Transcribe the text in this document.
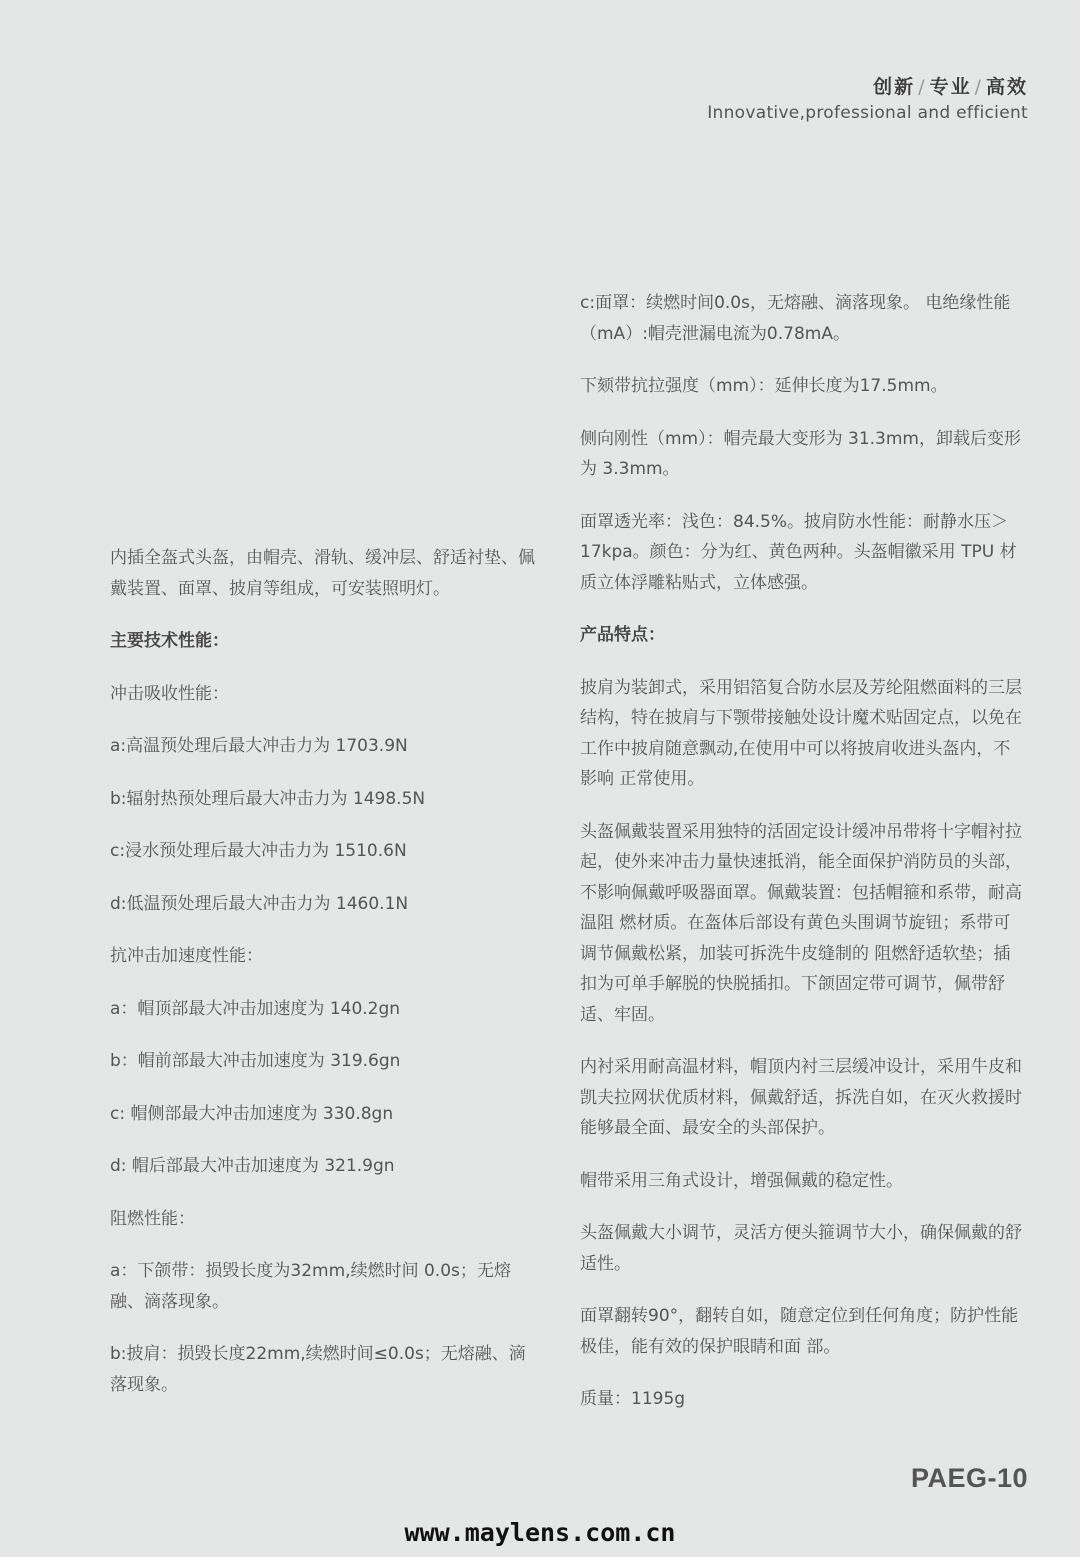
创新 / 专业 / 高效
Innovative,professional and efficient

内插全盔式头盔，由帽壳、滑轨、缓冲层、舒适衬垫、佩戴装置、面罩、披肩等组成，可安装照明灯。

主要技术性能：

冲击吸收性能：

a:高温预处理后最大冲击力为 1703.9N

b:辐射热预处理后最大冲击力为 1498.5N

c:浸水预处理后最大冲击力为 1510.6N

d:低温预处理后最大冲击力为 1460.1N

抗冲击加速度性能：

a：帽顶部最大冲击加速度为 140.2gn

b：帽前部最大冲击加速度为 319.6gn

c: 帽侧部最大冲击加速度为 330.8gn

d: 帽后部最大冲击加速度为 321.9gn

阻燃性能：

a：下颌带：损毁长度为32mm,续燃时间 0.0s；无熔融、滴落现象。

b:披肩：损毁长度22mm,续燃时间≤0.0s；无熔融、滴落现象。

c:面罩：续燃时间0.0s，无熔融、滴落现象。 电绝缘性能（mA）:帽壳泄漏电流为0.78mA。

下颏带抗拉强度（mm）：延伸长度为17.5mm。

侧向刚性（mm）：帽壳最大变形为 31.3mm，卸载后变形为 3.3mm。

面罩透光率：浅色：84.5%。披肩防水性能：耐静水压＞17kpa。颜色：分为红、黄色两种。头盔帽徽采用 TPU 材质立体浮雕粘贴式，立体感强。

产品特点：

披肩为装卸式，采用铝箔复合防水层及芳纶阻燃面料的三层结构，特在披肩与下颚带接触处设计魔术贴固定点，以免在工作中披肩随意飘动,在使用中可以将披肩收进头盔内，不影响 正常使用。

头盔佩戴装置采用独特的活固定设计缓冲吊带将十字帽衬拉起，使外来冲击力量快速抵消，能全面保护消防员的头部，不影响佩戴呼吸器面罩。佩戴装置：包括帽箍和系带，耐高温阻 燃材质。在盔体后部设有黄色头围调节旋钮；系带可调节佩戴松紧，加装可拆洗牛皮缝制的 阻燃舒适软垫；插扣为可单手解脱的快脱插扣。下颌固定带可调节，佩带舒适、牢固。

内衬采用耐高温材料，帽顶内衬三层缓冲设计，采用牛皮和凯夫拉网状优质材料，佩戴舒适，拆洗自如，在灭火救援时能够最全面、最安全的头部保护。

帽带采用三角式设计，增强佩戴的稳定性。

头盔佩戴大小调节，灵活方便头箍调节大小，确保佩戴的舒适性。

面罩翻转90°，翻转自如，随意定位到任何角度；防护性能极佳，能有效的保护眼睛和面 部。

质量：1195g

PAEG-10
www.maylens.com.cn
